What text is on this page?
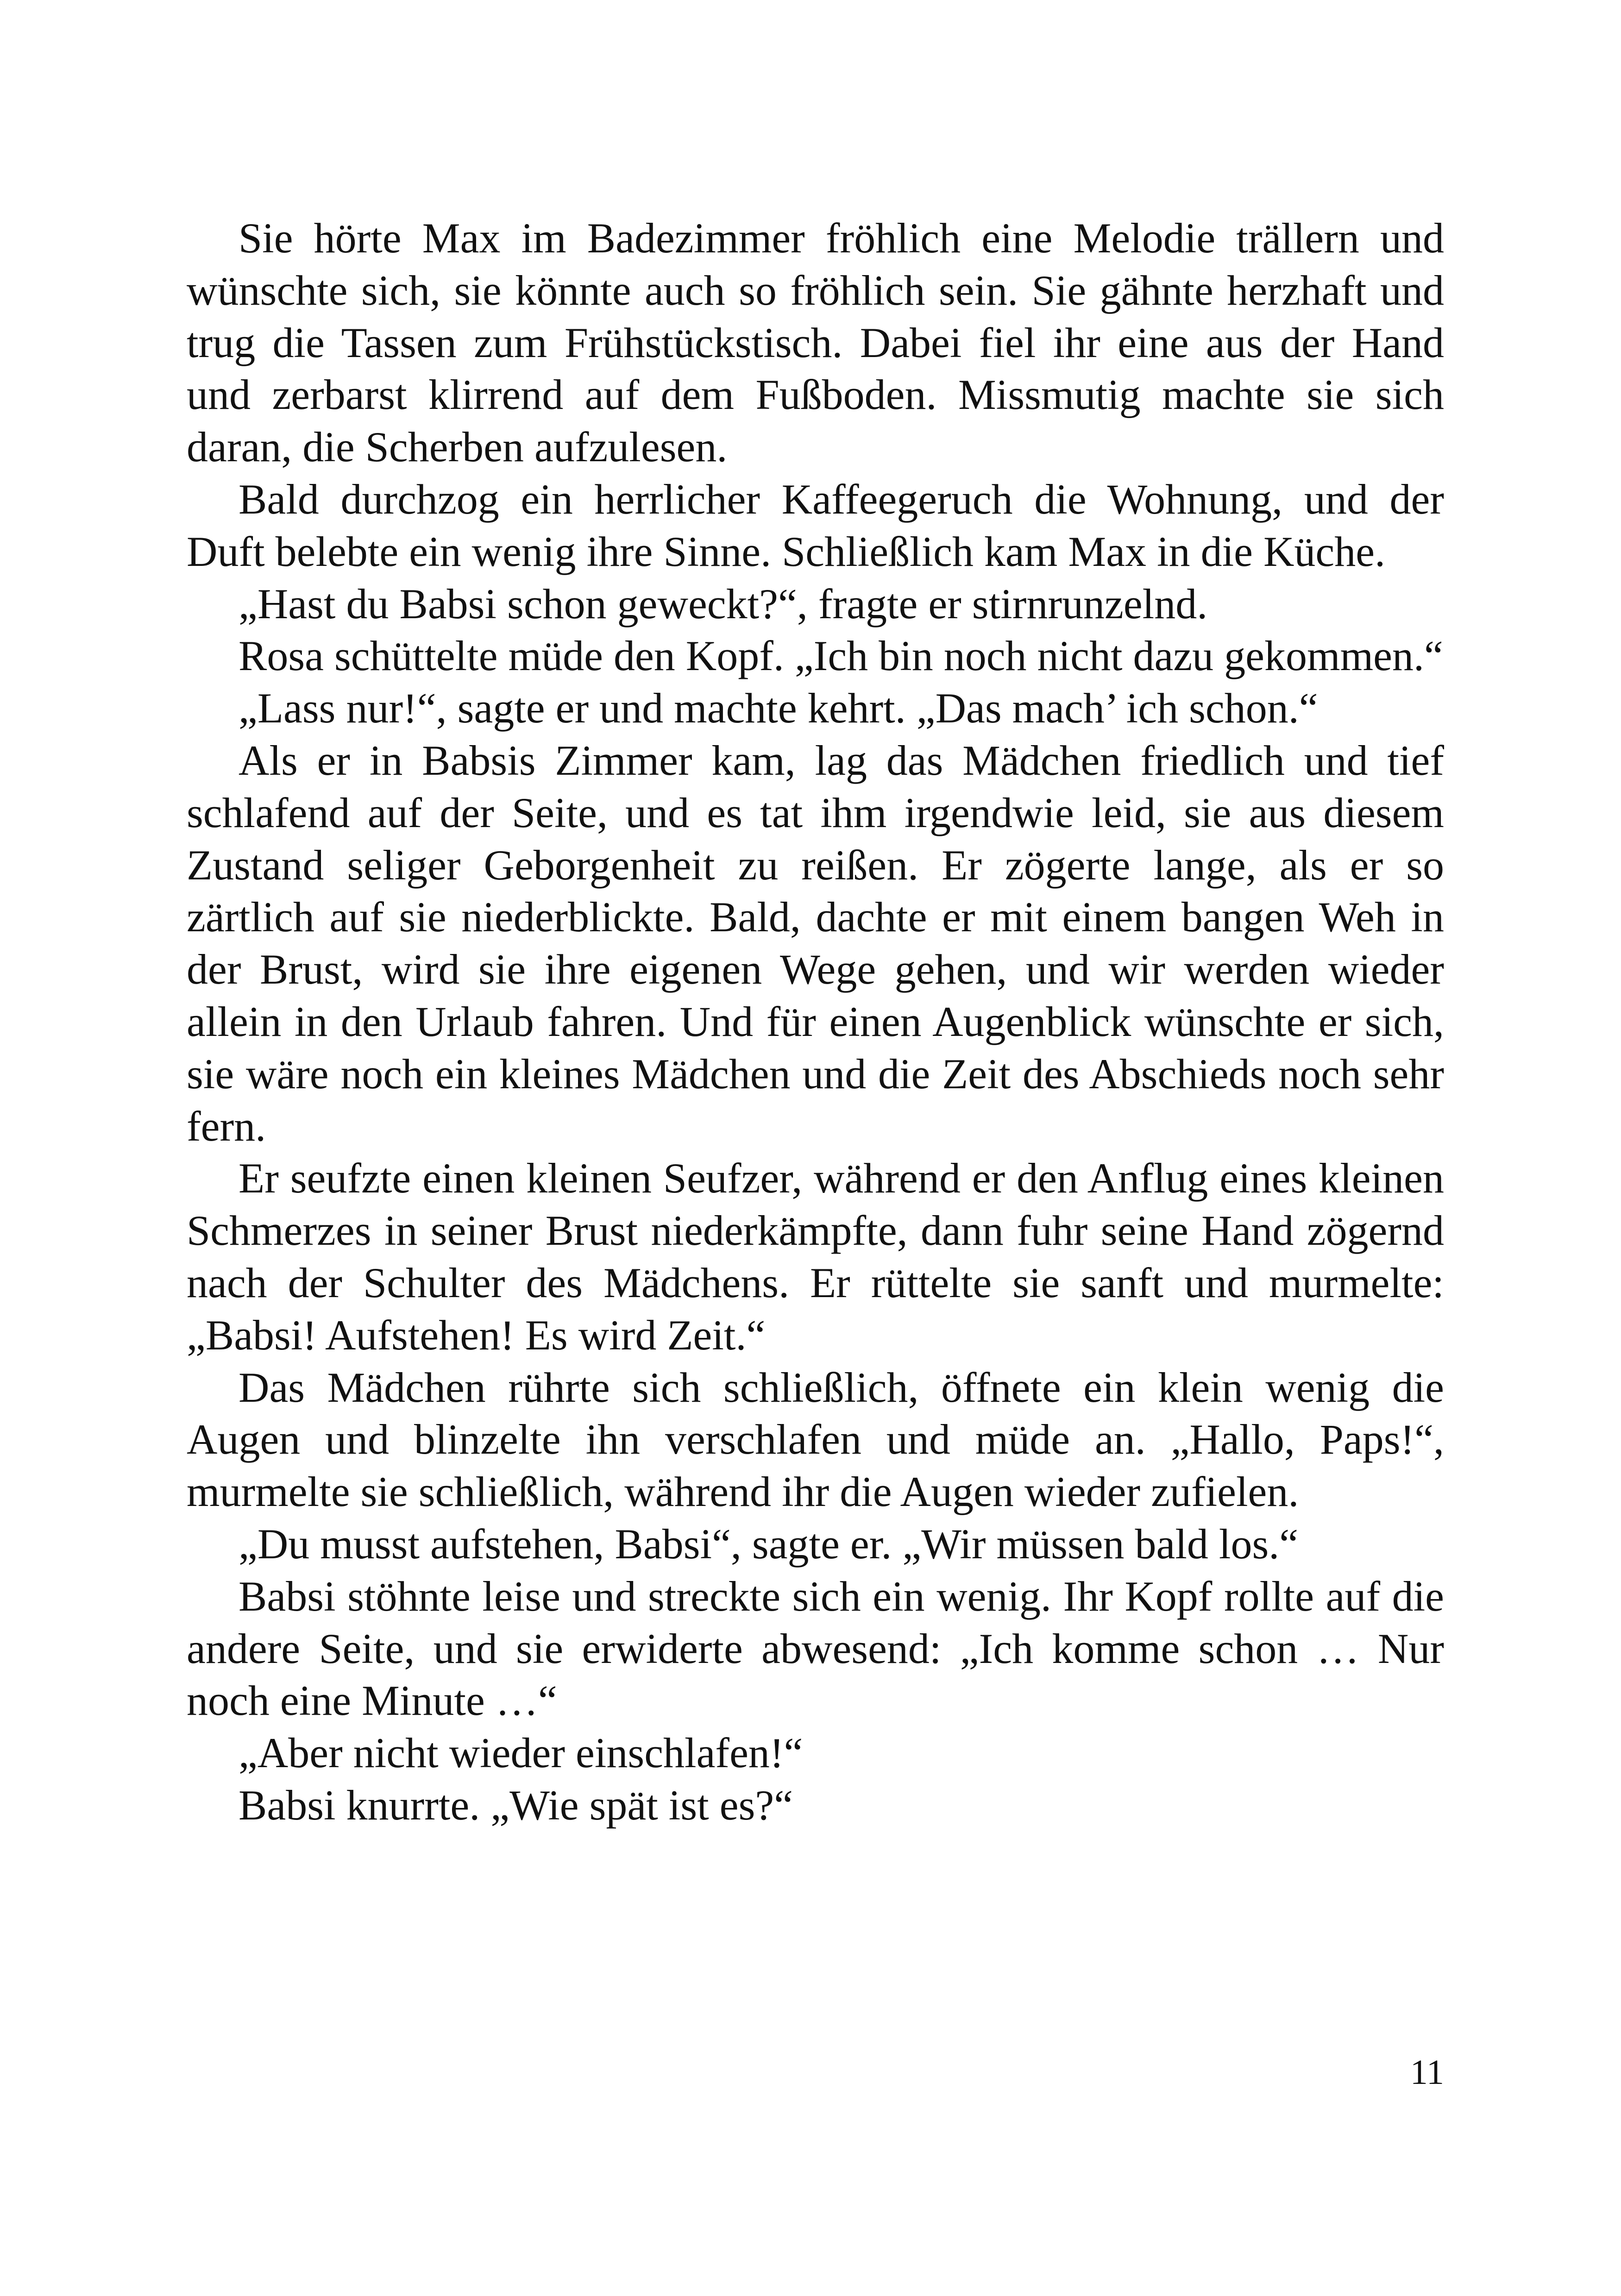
Sie hörte Max im Badezimmer fröhlich eine Melodie trällern und wünschte sich, sie könnte auch so fröhlich sein. Sie gähnte herzhaft und trug die Tassen zum Frühstückstisch. Dabei fiel ihr eine aus der Hand und zerbarst klirrend auf dem Fußboden. Missmutig machte sie sich daran, die Scherben aufzulesen.

Bald durchzog ein herrlicher Kaffeegeruch die Wohnung, und der Duft belebte ein wenig ihre Sinne. Schließlich kam Max in die Küche.

„Hast du Babsi schon geweckt?“, fragte er stirnrunzelnd.

Rosa schüttelte müde den Kopf. „Ich bin noch nicht dazu gekommen.“

„Lass nur!“, sagte er und machte kehrt. „Das mach’ ich schon.“

Als er in Babsis Zimmer kam, lag das Mädchen friedlich und tief schlafend auf der Seite, und es tat ihm irgendwie leid, sie aus diesem Zustand seliger Geborgenheit zu reißen. Er zögerte lange, als er so zärtlich auf sie niederblickte. Bald, dachte er mit einem bangen Weh in der Brust, wird sie ihre eigenen Wege gehen, und wir werden wieder allein in den Urlaub fahren. Und für einen Augenblick wünschte er sich, sie wäre noch ein kleines Mädchen und die Zeit des Abschieds noch sehr fern.

Er seufzte einen kleinen Seufzer, während er den Anflug eines kleinen Schmerzes in seiner Brust niederkämpfte, dann fuhr seine Hand zögernd nach der Schulter des Mädchens. Er rüttelte sie sanft und murmelte: „Babsi! Aufstehen! Es wird Zeit.“

Das Mädchen rührte sich schließlich, öffnete ein klein wenig die Augen und blinzelte ihn verschlafen und müde an. „Hallo, Paps!“, murmelte sie schließlich, während ihr die Augen wieder zufielen.

„Du musst aufstehen, Babsi“, sagte er. „Wir müssen bald los.“

Babsi stöhnte leise und streckte sich ein wenig. Ihr Kopf rollte auf die andere Seite, und sie erwiderte abwesend: „Ich komme schon … Nur noch eine Minute …“

„Aber nicht wieder einschlafen!“

Babsi knurrte. „Wie spät ist es?“

11
